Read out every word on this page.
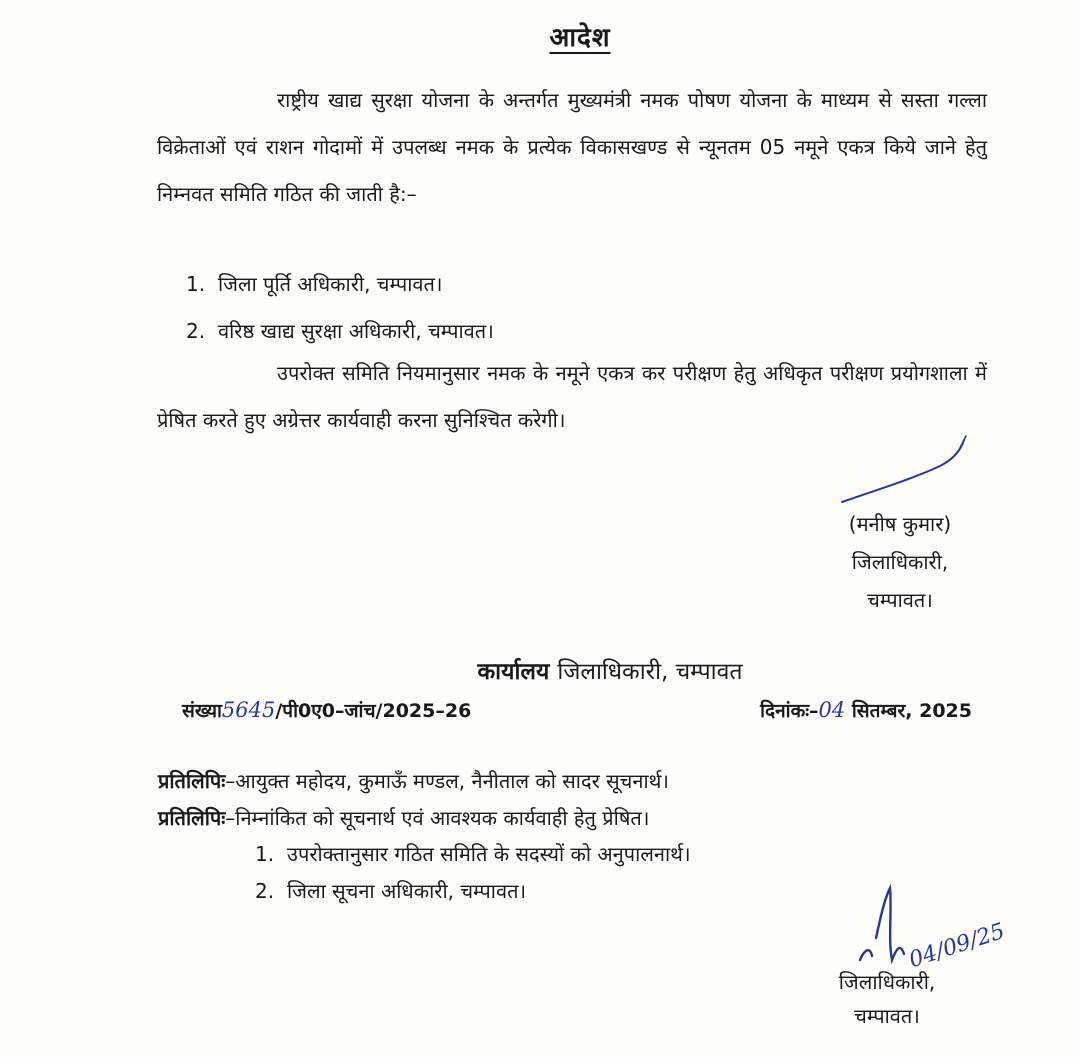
आदेश

राष्ट्रीय खाद्य सुरक्षा योजना के अन्तर्गत मुख्यमंत्री नमक पोषण योजना के माध्यम से सस्ता गल्ला विक्रेताओं एवं राशन गोदामों में उपलब्ध नमक के प्रत्येक विकासखण्ड से न्यूनतम 05 नमूने एकत्र किये जाने हेतु निम्नवत समिति गठित की जाती है:–

1. जिला पूर्ति अधिकारी, चम्पावत।
2. वरिष्ठ खाद्य सुरक्षा अधिकारी, चम्पावत।

उपरोक्त समिति नियमानुसार नमक के नमूने एकत्र कर परीक्षण हेतु अधिकृत परीक्षण प्रयोगशाला में प्रेषित करते हुए अग्रेत्तर कार्यवाही करना सुनिश्चित करेगी।

(मनीष कुमार)
जिलाधिकारी,
चम्पावत।
कार्यालय जिलाधिकारी, चम्पावत
संख्या5645/पी0ए0–जांच/2025–26	दिनांकः–04 सितम्बर, 2025
प्रतिलिपिः–आयुक्त महोदय, कुमाऊँ मण्डल, नैनीताल को सादर सूचनार्थ।
प्रतिलिपिः–निम्नांकित को सूचनार्थ एवं आवश्यक कार्यवाही हेतु प्रेषित।
1. उपरोक्तानुसार गठित समिति के सदस्यों को अनुपालनार्थ।
2. जिला सूचना अधिकारी, चम्पावत।
04/09/25
जिलाधिकारी,
चम्पावत।
